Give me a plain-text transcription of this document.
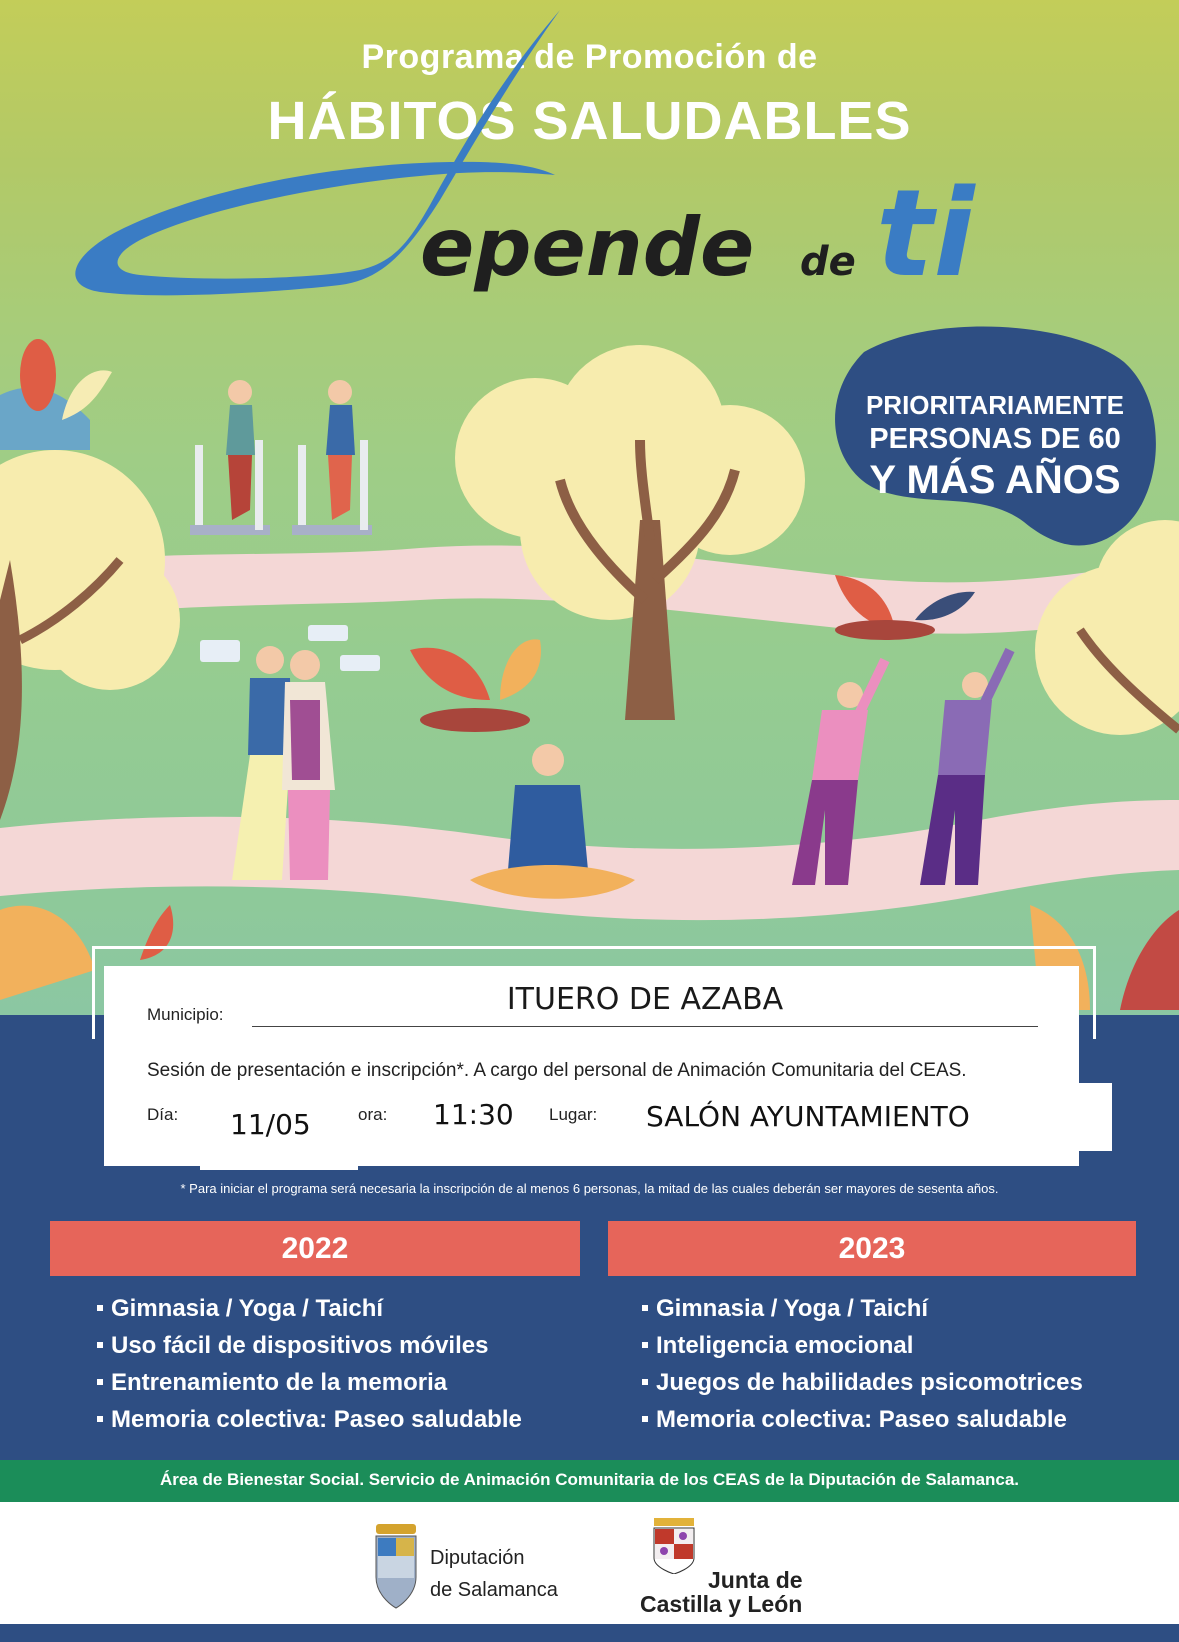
Programa de Promoción de
HÁBITOS SALUDABLES
epende de ti
PRIORITARIAMENTE
PERSONAS DE 60
Y MÁS AÑOS
Área de Bienestar Social. Servicio de Animación Comunitaria de los CEAS de la Diputación de Salamanca.
Municipio:	ITUERO DE AZABA
Sesión de presentación e inscripción*. A cargo del personal de Animación Comunitaria del CEAS.
Día: 11/05	ora: 11:30 Lugar: SALÓN AYUNTAMIENTO
* Para iniciar el programa será necesaria la inscripción de al menos 6 personas, la mitad de las cuales deberán ser mayores de sesenta años.
2022	2023
Gimnasia / Yoga / Taichí
Uso fácil de dispositivos móviles
Entrenamiento de la memoria
Memoria colectiva: Paseo saludable
Gimnasia / Yoga / Taichí
Inteligencia emocional
Juegos de habilidades psicomotrices
Memoria colectiva: Paseo saludable
Diputación
de Salamanca	Junta de
Castilla y León
